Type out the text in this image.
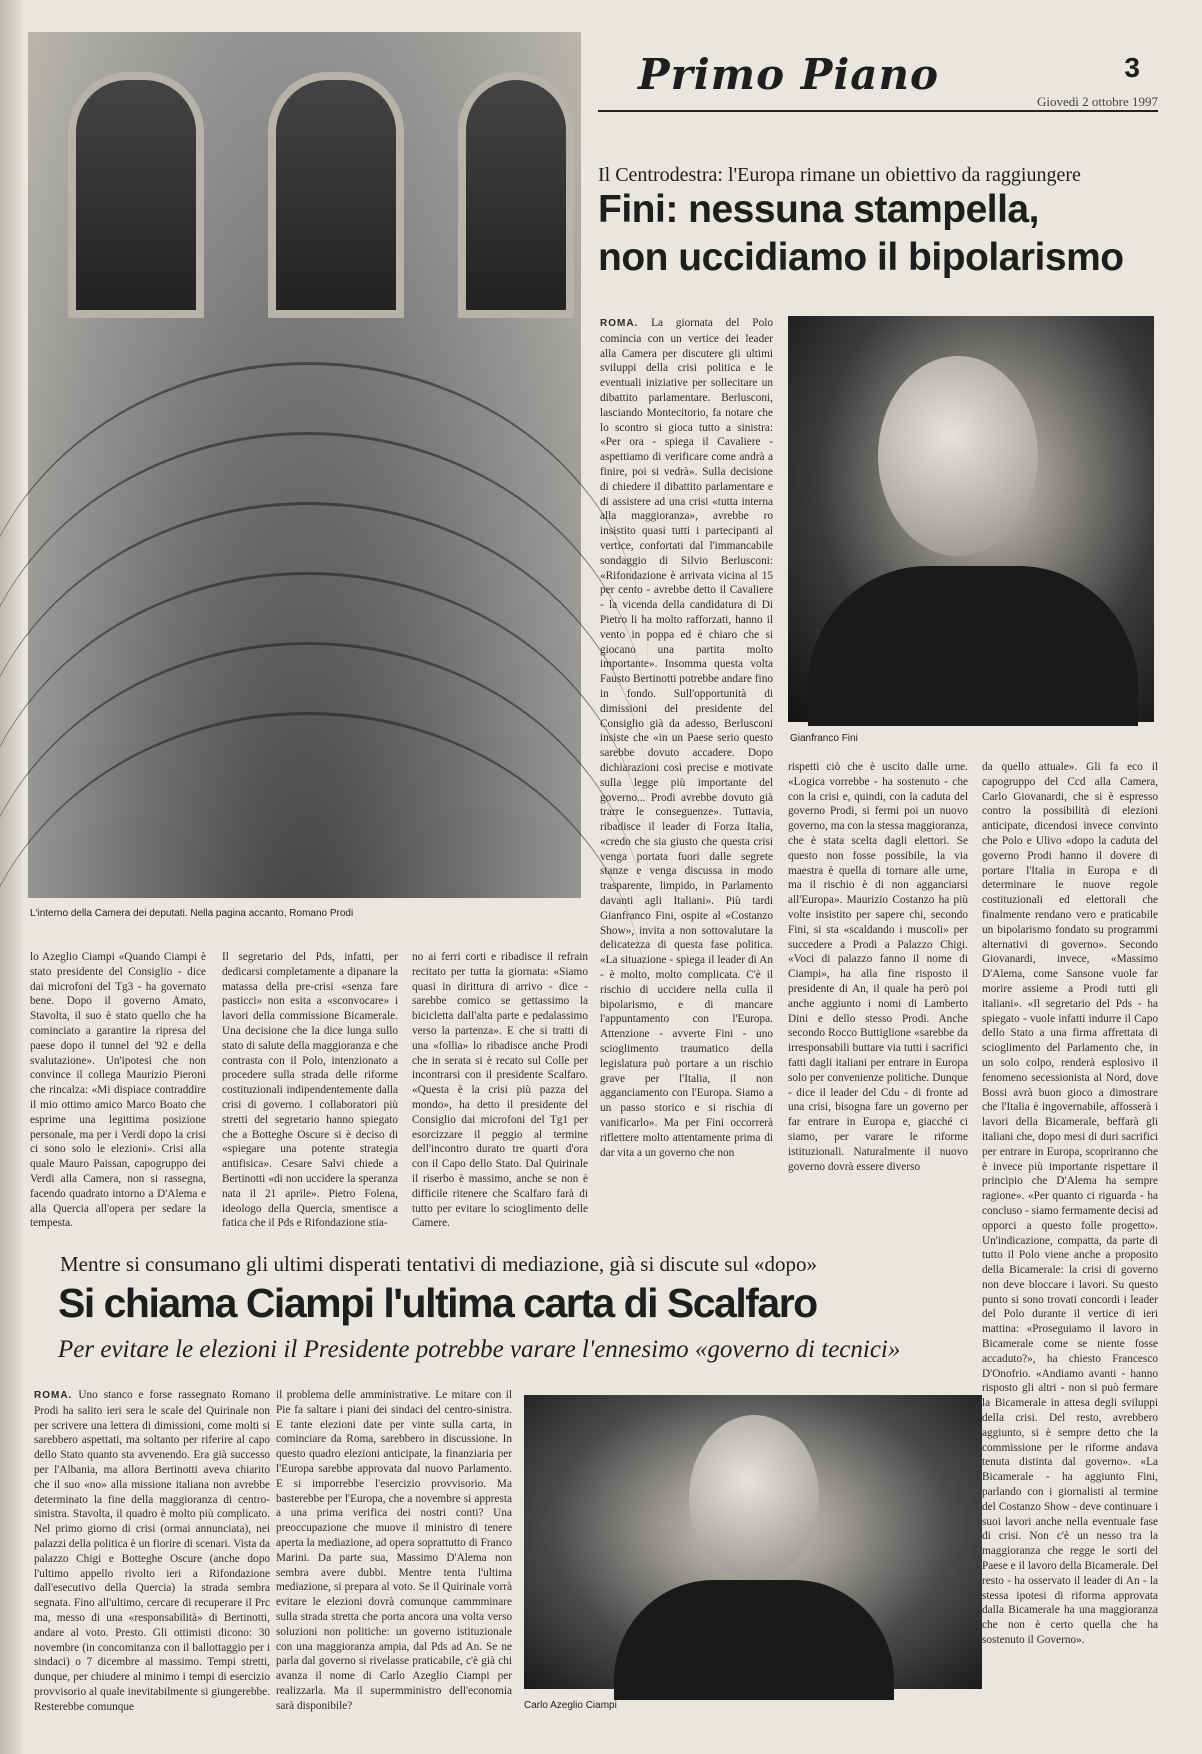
L'interno della Camera dei deputati. Nella pagina accanto, Romano Prodi
Primo Piano	3
Giovedì 2 ottobre 1997
Il Centrodestra: l'Europa rimane un obiettivo da raggiungere
Fini: nessuna stampella,
non uccidiamo il bipolarismo
ROMA. La giornata del Polo comincia con un vertice dei leader alla Camera per discutere gli ultimi sviluppi della crisi politica e le eventuali iniziative per sollecitare un dibattito parlamentare. Berlusconi, lasciando Montecitorio, fa notare che lo scontro si gioca tutto a sinistra: «Per ora - spiega il Cavaliere - aspettiamo di verificare come andrà a finire, poi si vedrà». Sulla decisione di chiedere il dibattito parlamentare e di assistere ad una crisi «tutta interna alla maggioranza», avrebbe ro insistito quasi tutti i partecipanti al vertice, confortati dal l'immancabile sondaggio di Silvio Berlusconi: «Rifondazione è arrivata vicina al 15 per cento - avrebbe detto il Cavaliere - la vicenda della candidatura di Di Pietro li ha molto rafforzati, hanno il vento in poppa ed è chiaro che si giocano una partita molto importante». Insomma questa volta Fausto Bertinotti potrebbe andare fino in fondo. Sull'opportunità di dimissioni del presidente del Consiglio già da adesso, Berlusconi insiste che «in un Paese serio questo sarebbe dovuto accadere. Dopo dichiarazioni così precise e motivate sulla legge più importante del governo... Prodi avrebbe dovuto già trarre le conseguenze». Tuttavia, ribadisce il leader di Forza Italia, «credo che sia giusto che questa crisi venga portata fuori dalle segrete stanze e venga discussa in modo trasparente, limpido, in Parlamento davanti agli Italiani». Più tardi Gianfranco Fini, ospite al «Costanzo Show», invita a non sottovalutare la delicatezza di questa fase politica. «La situazione - spiega il leader di An - è molto, molto complicata. C'è il rischio di uccidere nella culla il bipolarismo, e di mancare l'appuntamento con l'Europa. Attenzione - avverte Fini - uno scioglimento traumatico della legislatura può portare a un rischio grave per l'Italia, il non agganciamento con l'Europa. Siamo a un passo storico e si rischia di vanificarlo». Ma per Fini occorrerà riflettere molto attentamente prima di dar vita a un governo che non
Gianfranco Fini
rispetti ciò che è uscito dalle urne. «Logica vorrebbe - ha sostenuto - che con la crisi e, quindi, con la caduta del governo Prodi, si fermi poi un nuovo governo, ma con la stessa maggioranza, che è stata scelta dagli elettori. Se questo non fosse possibile, la via maestra è quella di tornare alle urne, ma il rischio è di non agganciarsi all'Europa». Maurizio Costanzo ha più volte insistito per sapere chi, secondo Fini, si sta «scaldando i muscoli» per succedere a Prodi a Palazzo Chigi. «Voci di palazzo fanno il nome di Ciampi», ha alla fine risposto il presidente di An, il quale ha però poi anche aggiunto i nomi di Lamberto Dini e dello stesso Prodi. Anche secondo Rocco Buttiglione «sarebbe da irresponsabili buttare via tutti i sacrifici fatti dagli italiani per entrare in Europa solo per convenienze politiche. Dunque - dice il leader del Cdu - di fronte ad una crisi, bisogna fare un governo per far entrare in Europa e, giacché ci siamo, per varare le riforme istituzionali. Naturalmente il nuovo governo dovrà essere diverso
da quello attuale». Gli fa eco il capogruppo del Ccd alla Camera, Carlo Giovanardi, che si è espresso contro la possibilità di elezioni anticipate, dicendosi invece convinto che Polo e Ulivo «dopo la caduta del governo Prodi hanno il dovere di portare l'Italia in Europa e di determinare le nuove regole costituzionali ed elettorali che finalmente rendano vero e praticabile un bipolarismo fondato su programmi alternativi di governo». Secondo Giovanardi, invece, «Massimo D'Alema, come Sansone vuole far morire assieme a Prodi tutti gli italiani». «Il segretario del Pds - ha spiegato - vuole infatti indurre il Capo dello Stato a una firma affrettata di scioglimento del Parlamento che, in un solo colpo, renderà esplosivo il fenomeno secessionista al Nord, dove Bossi avrà buon gioco a dimostrare che l'Italia è ingovernabile, affosserà i lavori della Bicamerale, beffarà gli italiani che, dopo mesi di duri sacrifici per entrare in Europa, scopriranno che è invece più importante rispettare il principio che D'Alema ha sempre ragione». «Per quanto ci riguarda - ha concluso - siamo fermamente decisi ad opporci a questo folle progetto». Un'indicazione, compatta, da parte di tutto il Polo viene anche a proposito della Bicamerale: la crisi di governo non deve bloccare i lavori. Su questo punto si sono trovati concordi i leader del Polo durante il vertice di ieri mattina: «Proseguiamo il lavoro in Bicamerale come se niente fosse accaduto?», ha chiesto Francesco D'Onofrio. «Andiamo avanti - hanno risposto gli altri - non si può fermare la Bicamerale in attesa degli sviluppi della crisi. Del resto, avrebbero aggiunto, si è sempre detto che la commissione per le riforme andava tenuta distinta dal governo». «La Bicamerale - ha aggiunto Fini, parlando con i giornalisti al termine del Costanzo Show - deve continuare i suoi lavori anche nella eventuale fase di crisi. Non c'è un nesso tra la maggioranza che regge le sorti del Paese e il lavoro della Bicamerale. Del resto - ha osservato il leader di An - la stessa ipotesi di riforma approvata dalla Bicamerale ha una maggioranza che non è certo quella che ha sostenuto il Governo».
lo Azeglio Ciampi «Quando Ciampi è stato presidente del Consiglio - dice dai microfoni del Tg3 - ha governato bene. Dopo il governo Amato, Stavolta, il suo è stato quello che ha cominciato a garantire la ripresa del paese dopo il tunnel del '92 e della svalutazione». Un'ipotesi che non convince il collega Maurizio Pieroni che rincalza: «Mi dispiace contraddire il mio ottimo amico Marco Boato che esprime una legittima posizione personale, ma per i Verdi dopo la crisi ci sono solo le elezioni». Crisi alla quale Mauro Paissan, capogruppo dei Verdi alla Camera, non si rassegna, facendo quadrato intorno a D'Alema e alla Quercia all'opera per sedare la tempesta.
Il segretario del Pds, infatti, per dedicarsi completamente a dipanare la matassa della pre-crisi «senza fare pasticci» non esita a «sconvocare» i lavori della commissione Bicamerale. Una decisione che la dice lunga sullo stato di salute della maggioranza e che contrasta con il Polo, intenzionato a procedere sulla strada delle riforme costituzionali indipendentemente dalla crisi di governo. I collaboratori più stretti del segretario hanno spiegato che a Botteghe Oscure si è deciso di «spiegare una potente strategia antifisica». Cesare Salvi chiede a Bertinotti «di non uccidere la speranza nata il 21 aprile». Pietro Folena, ideologo della Quercia, smentisce a fatica che il Pds e Rifondazione stia-
no ai ferri corti e ribadisce il refrain recitato per tutta la giornata: «Siamo quasi in dirittura di arrivo - dice - sarebbe comico se gettassimo la bicicletta dall'alta parte e pedalassimo verso la partenza». E che si tratti di una «follia» lo ribadisce anche Prodi che in serata si è recato sul Colle per incontrarsi con il presidente Scalfaro. «Questa è la crisi più pazza del mondo», ha detto il presidente del Consiglio dai microfoni del Tg1 per esorcizzare il peggio al termine dell'incontro durato tre quarti d'ora con il Capo dello Stato. Dal Quirinale il riserbo è massimo, anche se non è difficile ritenere che Scalfaro farà di tutto per evitare lo scioglimento delle Camere.
Mentre si consumano gli ultimi disperati tentativi di mediazione, già si discute sul «dopo»
Si chiama Ciampi l'ultima carta di Scalfaro
Per evitare le elezioni il Presidente potrebbe varare l'ennesimo «governo di tecnici»
ROMA. Uno stanco e forse rassegnato Romano Prodi ha salito ieri sera le scale del Quirinale non per scrivere una lettera di dimissioni, come molti si sarebbero aspettati, ma soltanto per riferire al capo dello Stato quanto sta avvenendo. Era già successo per l'Albania, ma allora Bertinotti aveva chiarito che il suo «no» alla missione italiana non avrebbe determinato la fine della maggioranza di centro-sinistra. Stavolta, il quadro è molto più complicato. Nel primo giorno di crisi (ormai annunciata), nei palazzi della politica è un fiorire di scenari. Vista da palazzo Chigi e Botteghe Oscure (anche dopo l'ultimo appello rivolto ieri a Rifondazione dall'esecutivo della Quercia) la strada sembra segnata. Fino all'ultimo, cercare di recuperare il Prc ma, messo di una «responsabilità» di Bertinotti, andare al voto. Presto. Gli ottimisti dicono: 30 novembre (in concomitanza con il ballottaggio per i sindaci) o 7 dicembre al massimo. Tempi stretti, dunque, per chiudere al minimo i tempi di esercizio provvisorio al quale inevitabilmente si giungerebbe. Resterebbe comunque
il problema delle amministrative. Le mitare con il Pie fa saltare i piani dei sindaci del centro-sinistra. E tante elezioni date per vinte sulla carta, in cominciare da Roma, sarebbero in discussione. In questo quadro elezioni anticipate, la finanziaria per l'Europa sarebbe approvata dal nuovo Parlamento. E si imporrebbe l'esercizio provvisorio. Ma basterebbe per l'Europa, che a novembre si appresta a una prima verifica dei nostri conti? Una preoccupazione che muove il ministro di tenere aperta la mediazione, ad opera soprattutto di Franco Marini. Da parte sua, Massimo D'Alema non sembra avere dubbi. Mentre tenta l'ultima mediazione, si prepara al voto. Se il Quirinale vorrà evitare le elezioni dovrà comunque cammminare sulla strada stretta che porta ancora una volta verso soluzioni non politiche: un governo istituzionale con una maggioranza ampia, dal Pds ad An. Se ne parla dal governo si rivelasse praticabile, c'è già chi avanza il nome di Carlo Azeglio Ciampi per realizzarla. Ma il supermministro dell'economia sarà disponibile?	Carlo Azeglio Ciampi
